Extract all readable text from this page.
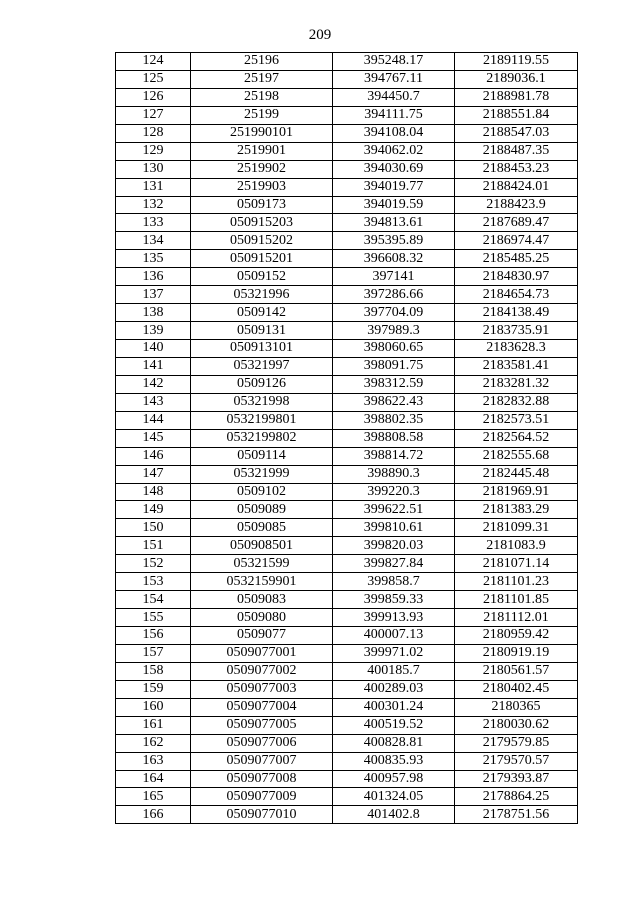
209
124	25196	395248.17	2189119.55
125	25197	394767.11	2189036.1
126	25198	394450.7	2188981.78
127	25199	394111.75	2188551.84
128	251990101	394108.04	2188547.03
129	2519901	394062.02	2188487.35
130	2519902	394030.69	2188453.23
131	2519903	394019.77	2188424.01
132	0509173	394019.59	2188423.9
133	050915203	394813.61	2187689.47
134	050915202	395395.89	2186974.47
135	050915201	396608.32	2185485.25
136	0509152	397141	2184830.97
137	05321996	397286.66	2184654.73
138	0509142	397704.09	2184138.49
139	0509131	397989.3	2183735.91
140	050913101	398060.65	2183628.3
141	05321997	398091.75	2183581.41
142	0509126	398312.59	2183281.32
143	05321998	398622.43	2182832.88
144	0532199801	398802.35	2182573.51
145	0532199802	398808.58	2182564.52
146	0509114	398814.72	2182555.68
147	05321999	398890.3	2182445.48
148	0509102	399220.3	2181969.91
149	0509089	399622.51	2181383.29
150	0509085	399810.61	2181099.31
151	050908501	399820.03	2181083.9
152	05321599	399827.84	2181071.14
153	0532159901	399858.7	2181101.23
154	0509083	399859.33	2181101.85
155	0509080	399913.93	2181112.01
156	0509077	400007.13	2180959.42
157	0509077001	399971.02	2180919.19
158	0509077002	400185.7	2180561.57
159	0509077003	400289.03	2180402.45
160	0509077004	400301.24	2180365
161	0509077005	400519.52	2180030.62
162	0509077006	400828.81	2179579.85
163	0509077007	400835.93	2179570.57
164	0509077008	400957.98	2179393.87
165	0509077009	401324.05	2178864.25
166	0509077010	401402.8	2178751.56
